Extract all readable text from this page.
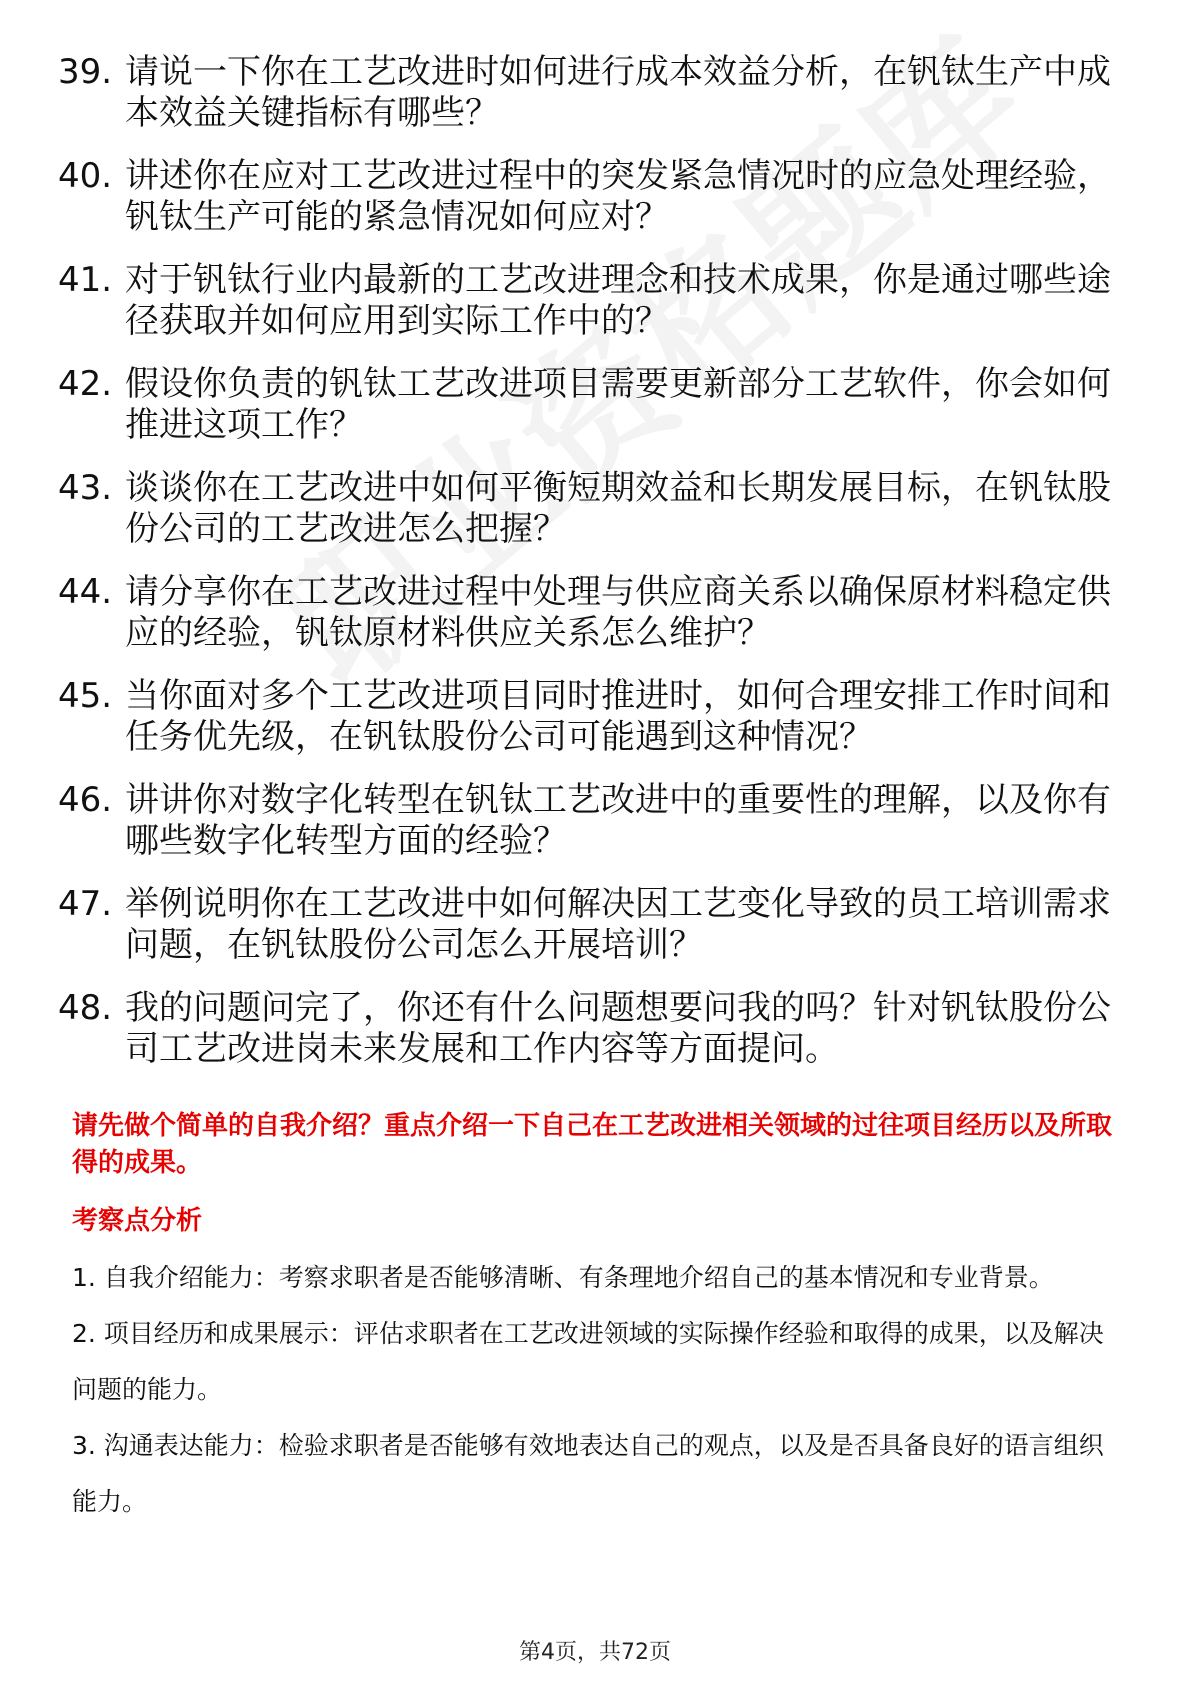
39. 请说一下你在工艺改进时如何进行成本效益分析，在钒钛生产中成本效益关键指标有哪些？
40. 讲述你在应对工艺改进过程中的突发紧急情况时的应急处理经验，钒钛生产可能的紧急情况如何应对？
41. 对于钒钛行业内最新的工艺改进理念和技术成果，你是通过哪些途径获取并如何应用到实际工作中的？
42. 假设你负责的钒钛工艺改进项目需要更新部分工艺软件，你会如何推进这项工作？
43. 谈谈你在工艺改进中如何平衡短期效益和长期发展目标，在钒钛股份公司的工艺改进怎么把握？
44. 请分享你在工艺改进过程中处理与供应商关系以确保原材料稳定供应的经验，钒钛原材料供应关系怎么维护？
45. 当你面对多个工艺改进项目同时推进时，如何合理安排工作时间和任务优先级，在钒钛股份公司可能遇到这种情况？
46. 讲讲你对数字化转型在钒钛工艺改进中的重要性的理解，以及你有哪些数字化转型方面的经验？
47. 举例说明你在工艺改进中如何解决因工艺变化导致的员工培训需求问题，在钒钛股份公司怎么开展培训？
48. 我的问题问完了，你还有什么问题想要问我的吗？针对钒钛股份公司工艺改进岗未来发展和工作内容等方面提问。
请先做个简单的自我介绍？重点介绍一下自己在工艺改进相关领域的过往项目经历以及所取得的成果。
考察点分析

1. 自我介绍能力：考察求职者是否能够清晰、有条理地介绍自己的基本情况和专业背景。

2. 项目经历和成果展示：评估求职者在工艺改进领域的实际操作经验和取得的成果，以及解决问题的能力。

3. 沟通表达能力：检验求职者是否能够有效地表达自己的观点，以及是否具备良好的语言组织能力。

第4页，共72页
